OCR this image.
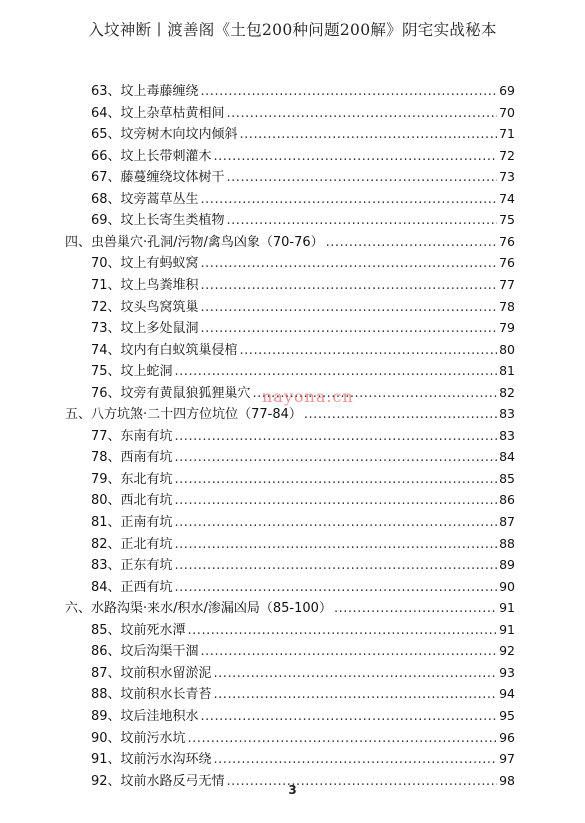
入坟神断丨渡善阁《土包200种问题200解》阴宅实战秘本
63、坟上毒藤缠绕 .....	69
64、坟上杂草枯黄相间 .....	70
65、坟旁树木向坟内倾斜 .....	71
66、坟上长带刺灌木 .....	72
67、藤蔓缠绕坟体树干 .....	73
68、坟旁蒿草丛生 .....	74
69、坟上长寄生类植物 .....	75
四、虫兽巢穴·孔洞/污物/禽鸟凶象（70-76） .....	76
70、坟上有蚂蚁窝 .....	76
71、坟上鸟粪堆积 .....	77
72、坟头鸟窝筑巢 .....	78
73、坟上多处鼠洞 .....	79
74、坟内有白蚁筑巢侵棺 .....	80
75、坟上蛇洞 .....	81
76、坟旁有黄鼠狼狐狸巢穴 .....	82
五、八方坑煞·二十四方位坑位（77-84） .....	83
77、东南有坑 .....	83
78、西南有坑 .....	84
79、东北有坑 .....	85
80、西北有坑 .....	86
81、正南有坑 .....	87
82、正北有坑 .....	88
83、正东有坑 .....	89
84、正西有坑 .....	90
六、水路沟渠·来水/积水/渗漏凶局（85-100） .....	91
85、坟前死水潭 .....	91
86、坟后沟渠干涸 .....	92
87、坟前积水留淤泥 .....	93
88、坟前积水长青苔 .....	94
89、坟后洼地积水 .....	95
90、坟前污水坑 .....	96
91、坟前污水沟环绕 .....	97
92、坟前水路反弓无情 .....	98
nayona.cn
3
